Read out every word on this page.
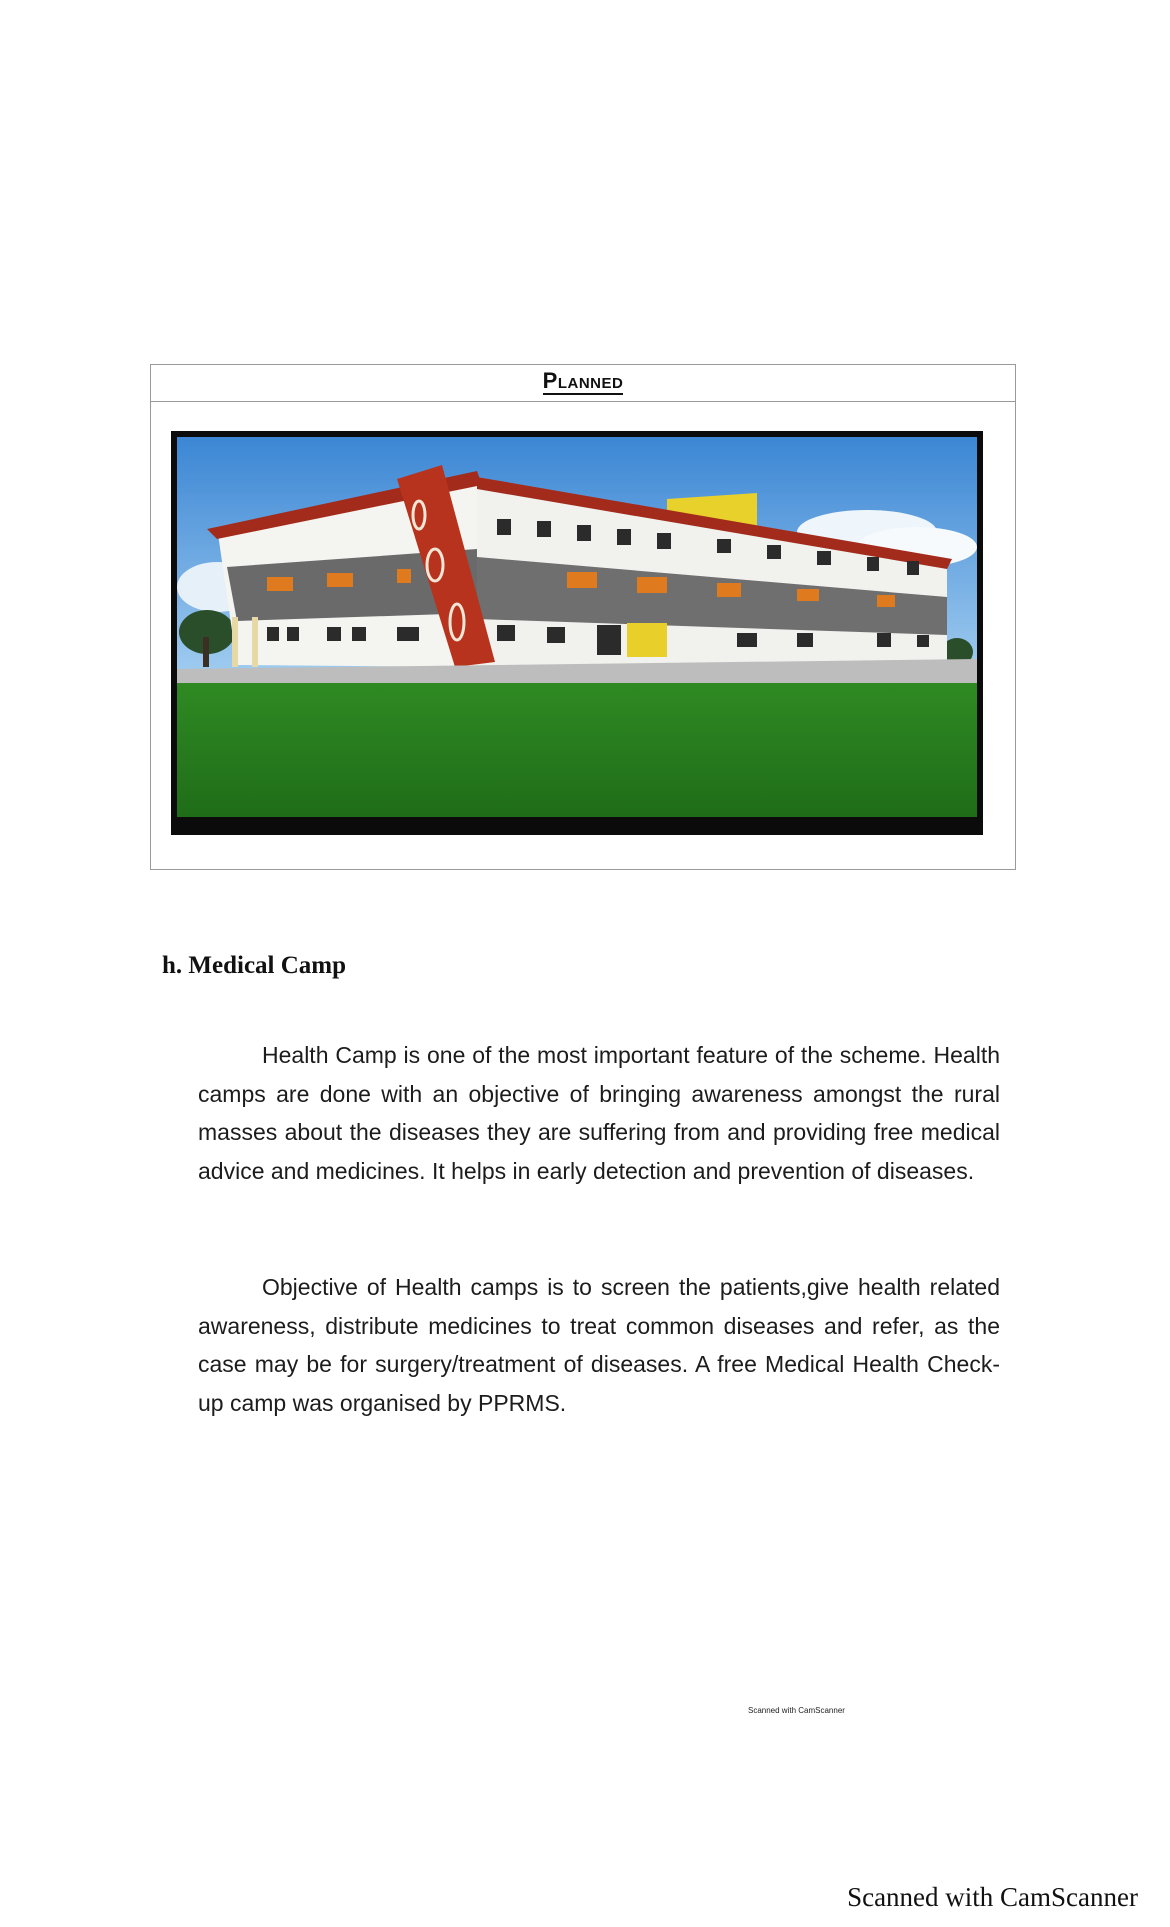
Planned
h. Medical Camp

Health Camp is one of the most important feature of the scheme. Health camps are done with an objective of bringing awareness amongst the rural masses about the diseases they are suffering from and providing free medical advice and medicines. It helps in early detection and prevention of diseases.

Objective of Health camps is to screen the patients,give health related awareness, distribute medicines to treat common diseases and refer, as the case may be for surgery/treatment of diseases. A free Medical Health Check-up camp was organised by PPRMS.

Scanned with CamScanner
Scanned with CamScanner
